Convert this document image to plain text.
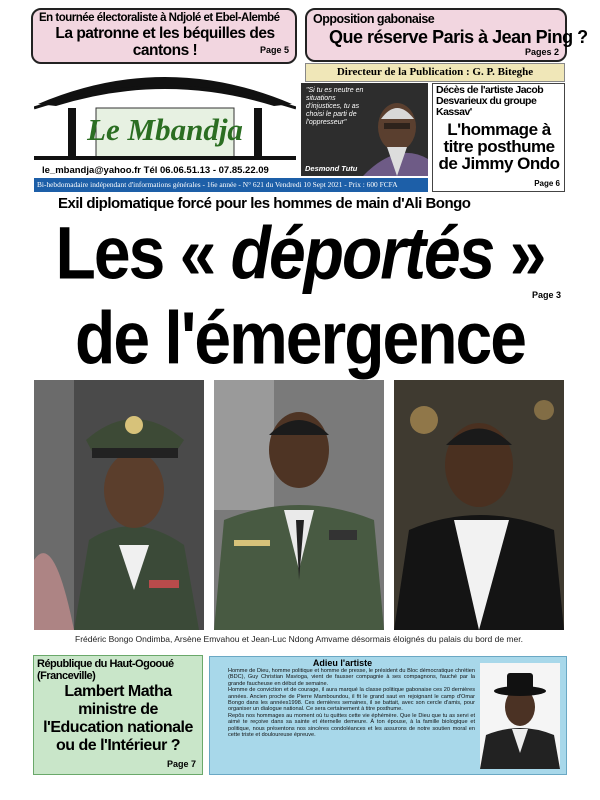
En tournée électoraliste à Ndjolé et Ebel-Alembé
La patronne et les béquilles des cantons !	Page 5
Opposition gabonaise
Que réserve Paris à Jean Ping ?
Pages 2
Directeur de la Publication : G. P. Biteghe
Le Mbandja
le_mbandja@yahoo.fr Tél 06.06.51.13 - 07.85.22.09
"Si tu es neutre en situations d'injustices, tu as choisi le parti de l'oppresseur"
Desmond Tutu
Décès de l'artiste Jacob Desvarieux du groupe Kassav'
L'hommage à titre posthume de Jimmy Ondo
Page 6
Bi-hebdomadaire indépendant d'informations générales - 16e année - N° 621 du Vendredi 10 Sept 2021 - Prix : 600 FCFA
Exil diplomatique forcé pour les hommes de main d'Ali Bongo
Les « déportés »
Page 3
de l'émergence
Frédéric Bongo Ondimba, Arsène Emvahou et Jean-Luc Ndong Amvame désormais éloignés du palais du bord de mer.
République du Haut-Ogooué (Franceville)
Lambert Matha ministre de l'Education nationale ou de l'Intérieur ?
Page 7
Adieu l'artiste
Homme de Dieu, homme politique et homme de presse, le président du Bloc démocratique chrétien (BDC), Guy Christian Mavioga, vient de fausser compagnie à ses compagnons, fauché par la grande faucheuse en début de semaine.
Homme de conviction et de courage, il aura marqué la classe politique gabonaise ces 20 dernières années. Ancien proche de Pierre Mamboundou, il fit le grand saut en rejoignant le camp d'Omar Bongo dans les années1998. Ces dernières semaines, il se battait, avec son cercle d'amis, pour organiser un dialogue national. Ce sera certainement à titre posthume.
Repôs nos hommages au moment où tu quittes cette vie éphémère. Que le Dieu que tu as servi et aimé te reçoive dans sa sainte et éternelle demeure. À ton épouse, à la famille biologique et politique, nous présentons nos sincères condoléances et les assurons de notre soutien moral en cette triste et douloureuse épreuve.
